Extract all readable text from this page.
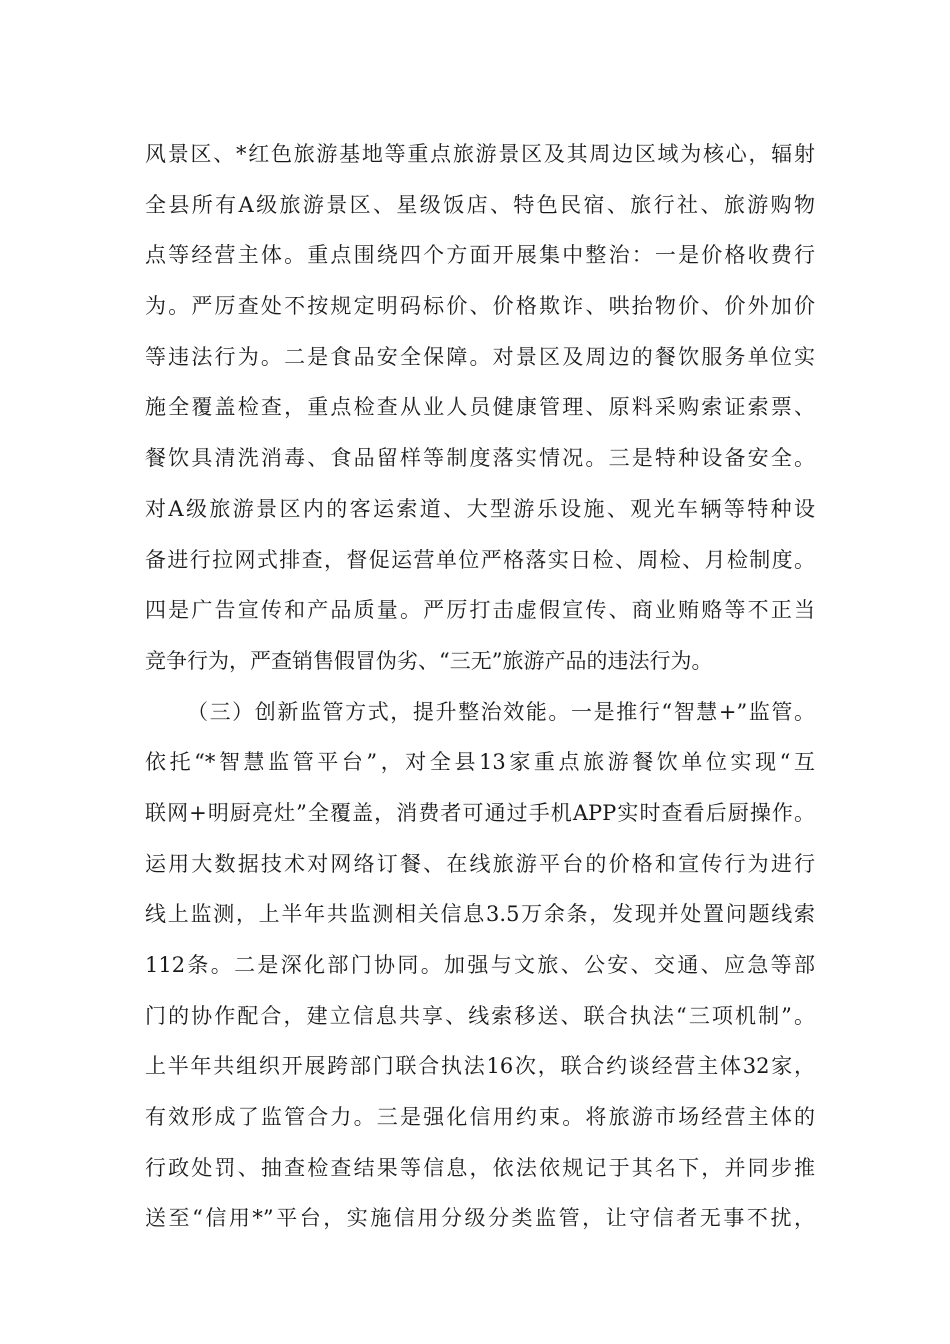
风景区、*红色旅游基地等重点旅游景区及其周边区域为核心，辐射
全县所有A级旅游景区、星级饭店、特色民宿、旅行社、旅游购物
点等经营主体。重点围绕四个方面开展集中整治：一是价格收费行
为。严厉查处不按规定明码标价、价格欺诈、哄抬物价、价外加价
等违法行为。二是食品安全保障。对景区及周边的餐饮服务单位实
施全覆盖检查，重点检查从业人员健康管理、原料采购索证索票、
餐饮具清洗消毒、食品留样等制度落实情况。三是特种设备安全。
对A级旅游景区内的客运索道、大型游乐设施、观光车辆等特种设
备进行拉网式排查，督促运营单位严格落实日检、周检、月检制度。
四是广告宣传和产品质量。严厉打击虚假宣传、商业贿赂等不正当
竞争行为，严查销售假冒伪劣、“三无”旅游产品的违法行为。
（三）创新监管方式，提升整治效能。一是推行“智慧+”监管。
依托“*智慧监管平台”，对全县13家重点旅游餐饮单位实现“互
联网+明厨亮灶”全覆盖，消费者可通过手机APP实时查看后厨操作。
运用大数据技术对网络订餐、在线旅游平台的价格和宣传行为进行
线上监测，上半年共监测相关信息3.5万余条，发现并处置问题线索
112条。二是深化部门协同。加强与文旅、公安、交通、应急等部
门的协作配合，建立信息共享、线索移送、联合执法“三项机制”。
上半年共组织开展跨部门联合执法16次，联合约谈经营主体32家，
有效形成了监管合力。三是强化信用约束。将旅游市场经营主体的
行政处罚、抽查检查结果等信息，依法依规记于其名下，并同步推
送至“信用*”平台，实施信用分级分类监管，让守信者无事不扰，
